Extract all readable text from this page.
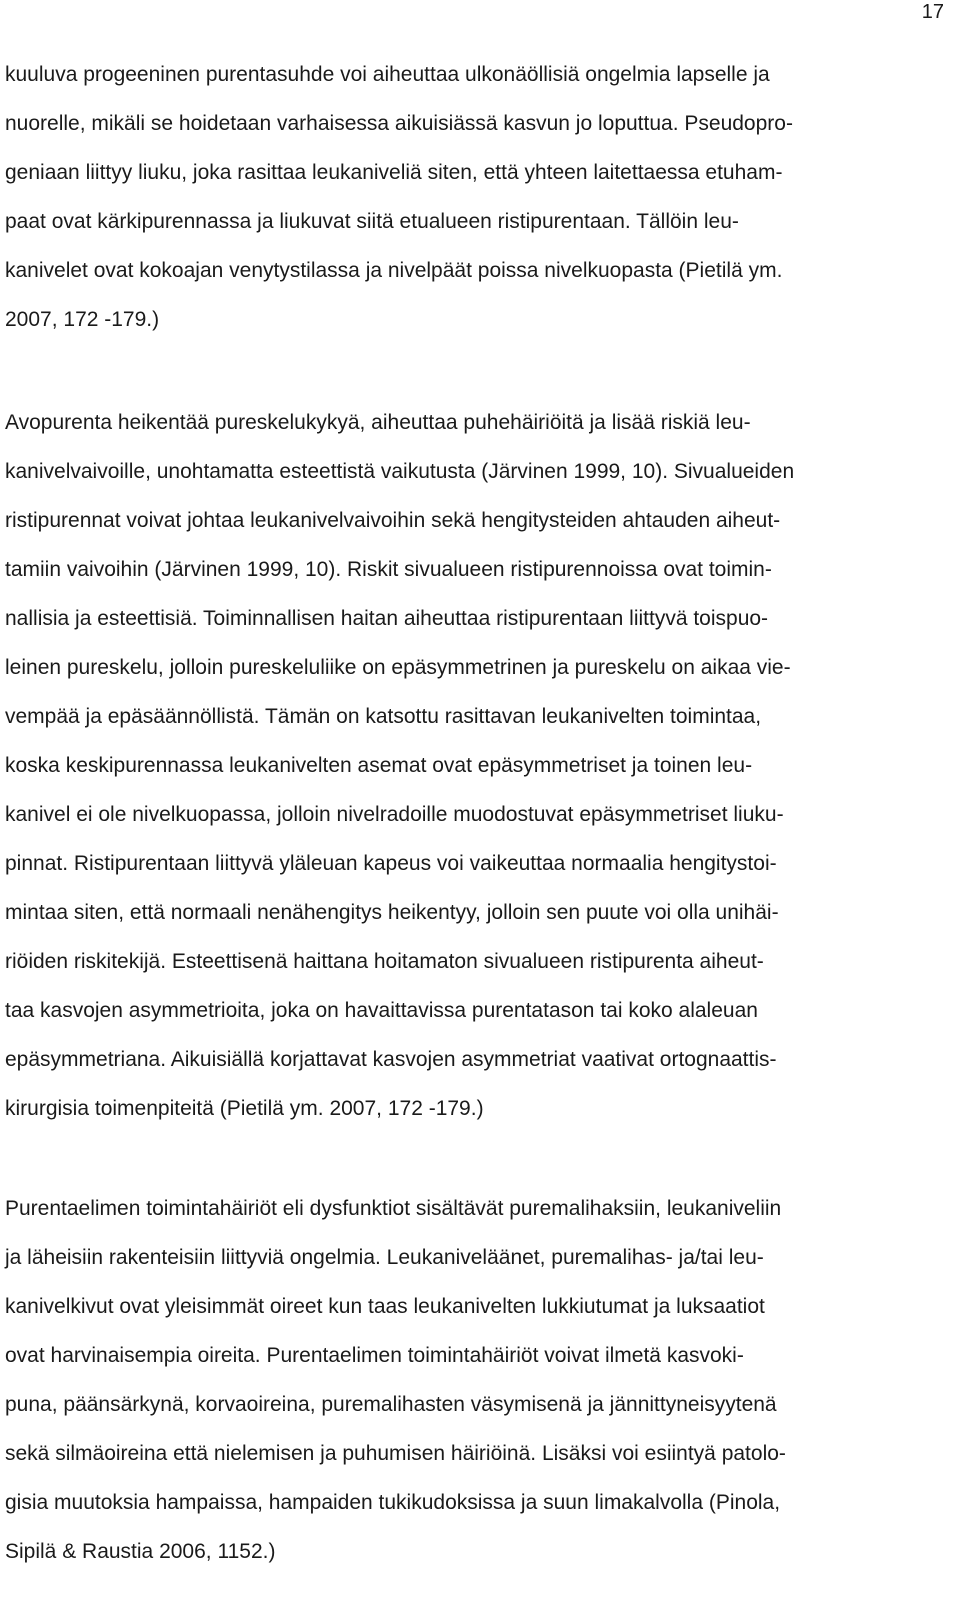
17
kuuluva progeeninen purentasuhde voi aiheuttaa ulkonäöllisiä ongelmia lapselle ja
nuorelle, mikäli se hoidetaan varhaisessa aikuisiässä kasvun jo loputtua. Pseudopro-
geniaan liittyy liuku, joka rasittaa leukaniveliä siten, että yhteen laitettaessa etuham-
paat ovat kärkipurennassa ja liukuvat siitä etualueen ristipurentaan. Tällöin leu-
kanivelet ovat kokoajan venytystilassa ja nivelpäät poissa nivelkuopasta (Pietilä ym.
2007, 172 -179.)
Avopurenta heikentää pureskelukykyä, aiheuttaa puhehäiriöitä ja lisää riskiä leu-
kanivelvaivoille, unohtamatta esteettistä vaikutusta (Järvinen 1999, 10). Sivualueiden
ristipurennat voivat johtaa leukanivelvaivoihin sekä hengitysteiden ahtauden aiheut-
tamiin vaivoihin (Järvinen 1999, 10). Riskit sivualueen ristipurennoissa ovat toimin-
nallisia ja esteettisiä. Toiminnallisen haitan aiheuttaa ristipurentaan liittyvä toispuo-
leinen pureskelu, jolloin pureskeluliike on epäsymmetrinen ja pureskelu on aikaa vie-
vempää ja epäsäännöllistä. Tämän on katsottu rasittavan leukanivelten toimintaa,
koska keskipurennassa leukanivelten asemat ovat epäsymmetriset ja toinen leu-
kanivel ei ole nivelkuopassa, jolloin nivelradoille muodostuvat epäsymmetriset liuku-
pinnat. Ristipurentaan liittyvä yläleuan kapeus voi vaikeuttaa normaalia hengitystoi-
mintaa siten, että normaali nenähengitys heikentyy, jolloin sen puute voi olla unihäi-
riöiden riskitekijä. Esteettisenä haittana hoitamaton sivualueen ristipurenta aiheut-
taa kasvojen asymmetrioita, joka on havaittavissa purentatason tai koko alaleuan
epäsymmetriana. Aikuisiällä korjattavat kasvojen asymmetriat vaativat ortognaattis-
kirurgisia toimenpiteitä (Pietilä ym. 2007, 172 -179.)
Purentaelimen toimintahäiriöt eli dysfunktiot sisältävät puremalihaksiin, leukaniveliin
ja läheisiin rakenteisiin liittyviä ongelmia. Leukaniveläänet, puremalihas- ja/tai leu-
kanivelkivut ovat yleisimmät oireet kun taas leukanivelten lukkiutumat ja luksaatiot
ovat harvinaisempia oireita. Purentaelimen toimintahäiriöt voivat ilmetä kasvoki-
puna, päänsärkynä, korvaoireina, puremalihasten väsymisenä ja jännittyneisyytenä
sekä silmäoireina että nielemisen ja puhumisen häiriöinä. Lisäksi voi esiintyä patolo-
gisia muutoksia hampaissa, hampaiden tukikudoksissa ja suun limakalvolla (Pinola,
Sipilä & Raustia 2006, 1152.)
